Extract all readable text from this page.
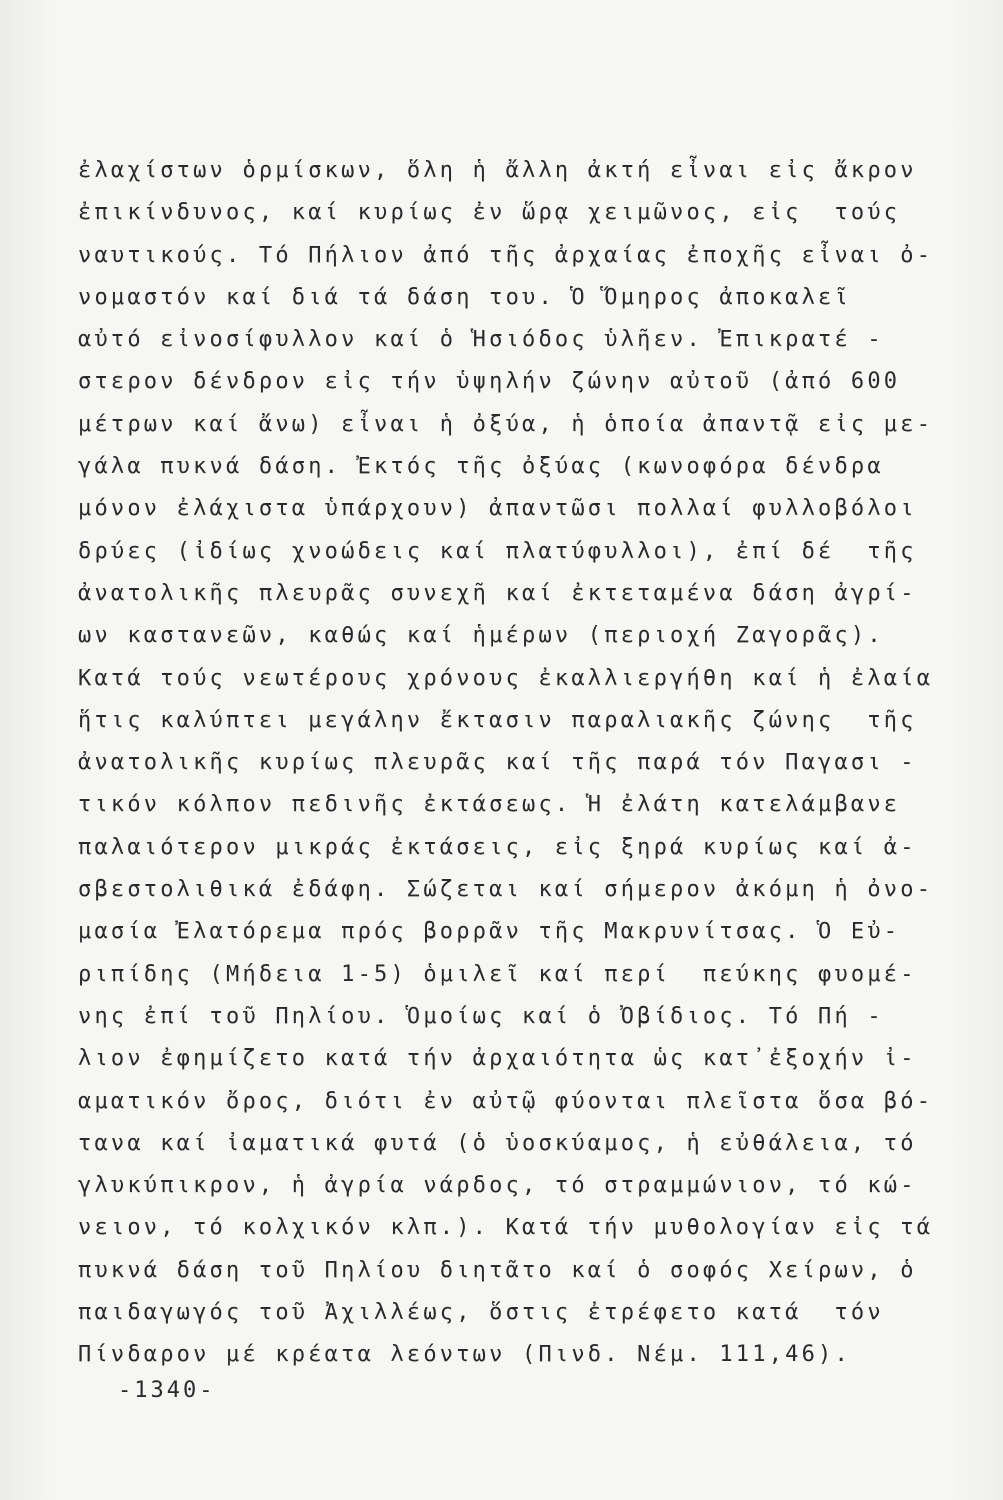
ἐλαχίστων ὁρμίσκων, ὅλη ἡ ἄλλη ἀκτή εἶναι εἰς ἄκρον
ἐπικίνδυνος, καί κυρίως ἐν ὥρᾳ χειμῶνος, εἰς  τούς
ναυτικούς. Τό Πήλιον ἀπό τῆς ἀρχαίας ἐποχῆς εἶναι ὀ-
νομαστόν καί διά τά δάση του. Ὁ Ὅμηρος ἀποκαλεῖ
αὐτό εἰνοσίφυλλον καί ὁ Ἡσιόδος ὑλῆεν. Ἐπικρατέ -
στερον δένδρον εἰς τήν ὑψηλήν ζώνην αὐτοῦ (ἀπό 600
μέτρων καί ἄνω) εἶναι ἡ ὀξύα, ἡ ὁποία ἀπαντᾷ εἰς με-
γάλα πυκνά δάση. Ἐκτός τῆς ὀξύας (κωνοφόρα δένδρα
μόνον ἐλάχιστα ὑπάρχουν) ἀπαντῶσι πολλαί φυλλοβόλοι
δρύες (ἰδίως χνοώδεις καί πλατύφυλλοι), ἐπί δέ  τῆς
ἀνατολικῆς πλευρᾶς συνεχῆ καί ἐκτεταμένα δάση ἀγρί-
ων καστανεῶν, καθώς καί ἡμέρων (περιοχή Ζαγορᾶς).
Κατά τούς νεωτέρους χρόνους ἐκαλλιεργήθη καί ἡ ἐλαία
ἥτις καλύπτει μεγάλην ἔκτασιν παραλιακῆς ζώνης  τῆς
ἀνατολικῆς κυρίως πλευρᾶς καί τῆς παρά τόν Παγασι -
τικόν κόλπον πεδινῆς ἐκτάσεως. Ἡ ἐλάτη κατελάμβανε
παλαιότερον μικράς ἐκτάσεις, εἰς ξηρά κυρίως καί ἀ-
σβεστολιθικά ἐδάφη. Σώζεται καί σήμερον ἀκόμη ἡ ὀνο-
μασία Ἐλατόρεμα πρός βορρᾶν τῆς Μακρυνίτσας. Ὁ Εὐ-
ριπίδης (Μήδεια 1-5) ὁμιλεῖ καί περί  πεύκης φυομέ-
νης ἐπί τοῦ Πηλίου. Ὁμοίως καί ὁ Ὀβίδιος. Τό Πή -
λιον ἐφημίζετο κατά τήν ἀρχαιότητα ὡς κατ᾽ἐξοχήν ἰ-
αματικόν ὄρος, διότι ἐν αὐτῷ φύονται πλεῖστα ὅσα βό-
τανα καί ἰαματικά φυτά (ὁ ὑοσκύαμος, ἡ εὐθάλεια, τό
γλυκύπικρον, ἡ ἀγρία νάρδος, τό στραμμώνιον, τό κώ-
νειον, τό κολχικόν κλπ.). Κατά τήν μυθολογίαν εἰς τά
πυκνά δάση τοῦ Πηλίου διητᾶτο καί ὁ σοφός Χείρων, ὁ
παιδαγωγός τοῦ Ἀχιλλέως, ὅστις ἐτρέφετο κατά  τόν
Πίνδαρον μέ κρέατα λεόντων (Πινδ. Νέμ. 111,46).
-1340-
